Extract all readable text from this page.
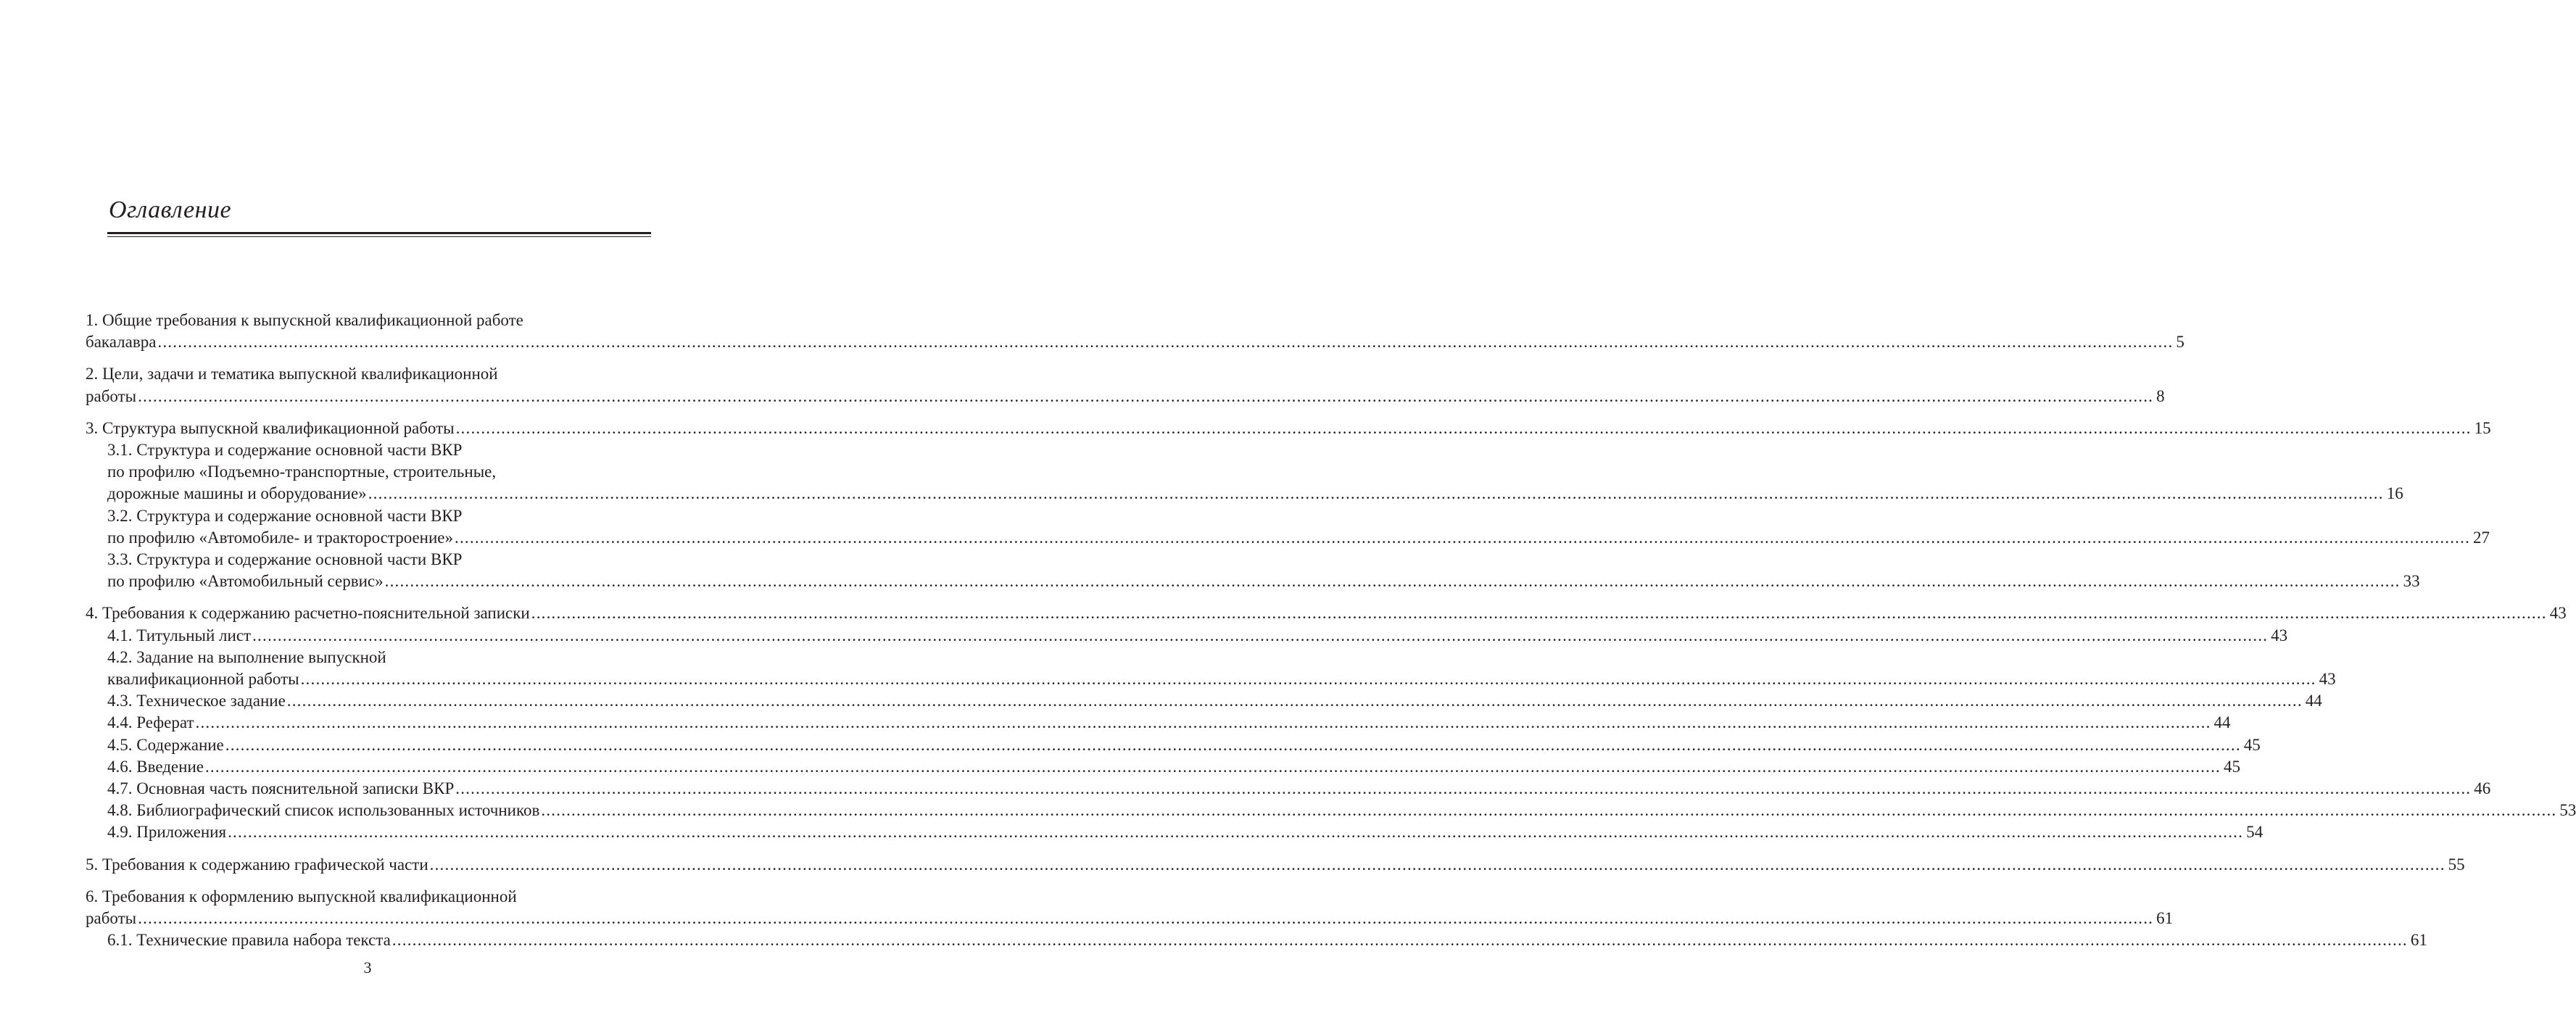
Оглавление
1. Общие требования к выпускной квалификационной работе
бакалавра ................................................................................................................................................................................................................................................................................................................................................................................................................ 5
2. Цели, задачи и тематика выпускной квалификационной
работы ................................................................................................................................................................................................................................................................................................................................................................................................................ 8
3. Структура выпускной квалификационной работы ................................................................................................................................................................................................................................................................................................................................................................................................................ 15
3.1. Структура и содержание основной части ВКР
по профилю «Подъемно-транспортные, строительные,
дорожные машины и оборудование» ................................................................................................................................................................................................................................................................................................................................................................................................................ 16
3.2. Структура и содержание основной части ВКР
по профилю «Автомобиле- и тракторостроение» ................................................................................................................................................................................................................................................................................................................................................................................................................ 27
3.3. Структура и содержание основной части ВКР
по профилю «Автомобильный сервис» ................................................................................................................................................................................................................................................................................................................................................................................................................ 33
4. Требования к содержанию расчетно-пояснительной записки ................................................................................................................................................................................................................................................................................................................................................................................................................ 43
4.1. Титульный лист ................................................................................................................................................................................................................................................................................................................................................................................................................ 43
4.2. Задание на выполнение выпускной
квалификационной работы ................................................................................................................................................................................................................................................................................................................................................................................................................ 43
4.3. Техническое задание ................................................................................................................................................................................................................................................................................................................................................................................................................ 44
4.4. Реферат ................................................................................................................................................................................................................................................................................................................................................................................................................ 44
4.5. Содержание ................................................................................................................................................................................................................................................................................................................................................................................................................ 45
4.6. Введение ................................................................................................................................................................................................................................................................................................................................................................................................................ 45
4.7. Основная часть пояснительной записки ВКР ................................................................................................................................................................................................................................................................................................................................................................................................................ 46
4.8. Библиографический список использованных источников ................................................................................................................................................................................................................................................................................................................................................................................................................ 53
4.9. Приложения ................................................................................................................................................................................................................................................................................................................................................................................................................ 54
5. Требования к содержанию графической части ................................................................................................................................................................................................................................................................................................................................................................................................................ 55
6. Требования к оформлению выпускной квалификационной
работы ................................................................................................................................................................................................................................................................................................................................................................................................................ 61
6.1. Технические правила набора текста ................................................................................................................................................................................................................................................................................................................................................................................................................ 61
3
